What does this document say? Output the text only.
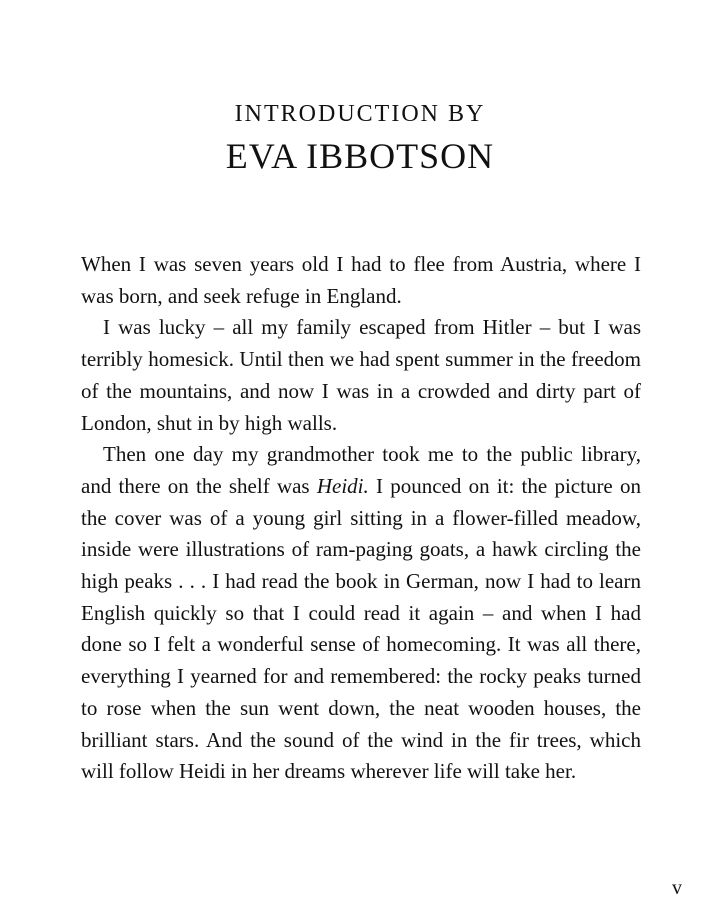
INTRODUCTION BY
EVA IBBOTSON

When I was seven years old I had to flee from Austria, where I was born, and seek refuge in England.

I was lucky – all my family escaped from Hitler – but I was terribly homesick. Until then we had spent summer in the freedom of the mountains, and now I was in a crowded and dirty part of London, shut in by high walls.

Then one day my grandmother took me to the public library, and there on the shelf was Heidi. I pounced on it: the picture on the cover was of a young girl sitting in a flower-filled meadow, inside were illustrations of ram-paging goats, a hawk circling the high peaks . . . I had read the book in German, now I had to learn English quickly so that I could read it again – and when I had done so I felt a wonderful sense of homecoming. It was all there, everything I yearned for and remembered: the rocky peaks turned to rose when the sun went down, the neat wooden houses, the brilliant stars. And the sound of the wind in the fir trees, which will follow Heidi in her dreams wherever life will take her.

v
